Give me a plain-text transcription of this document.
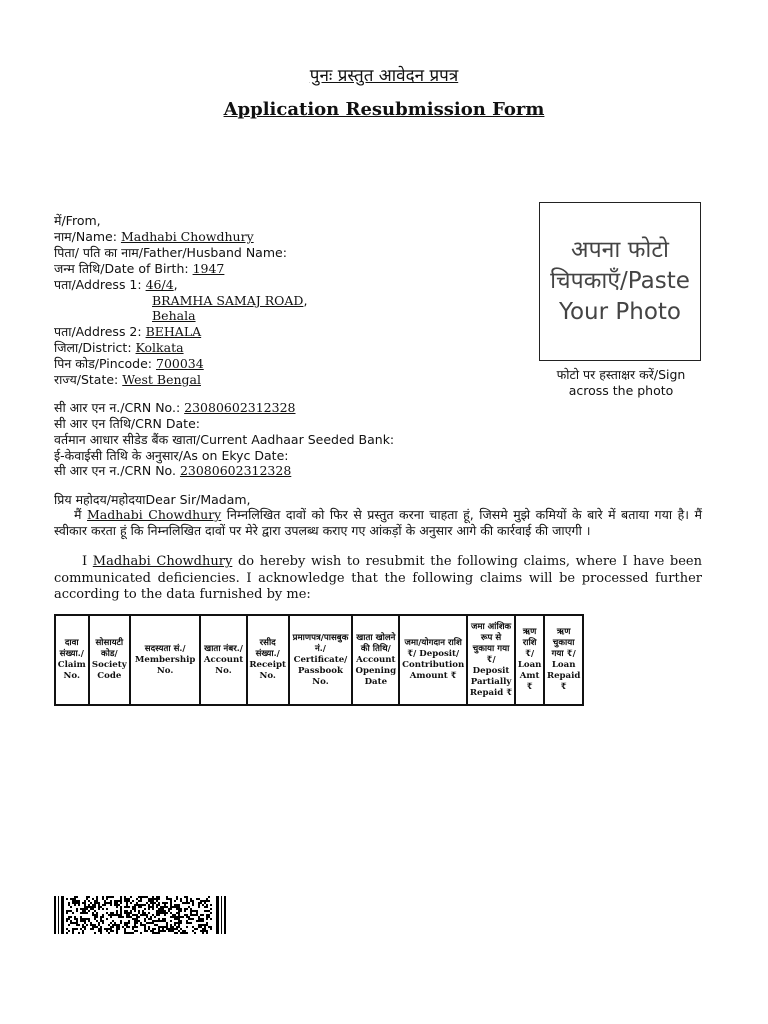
पुनः प्रस्तुत आवेदन प्रपत्र
Application Resubmission Form
अपना फोटो चिपकाएँ/Paste Your Photo
फोटो पर हस्ताक्षर करें/Sign across the photo
में/From,
नाम/Name: Madhabi Chowdhury
पिता/ पति का नाम/Father/Husband Name:
जन्म तिथि/Date of Birth: 1947
पता/Address 1: 46/4,
BRAMHA SAMAJ ROAD,
Behala
पता/Address 2: BEHALA
जिला/District: Kolkata
पिन कोड/Pincode: 700034
राज्य/State: West Bengal
सी आर एन न./CRN No.: 23080602312328
सी आर एन तिथि/CRN Date:
वर्तमान आधार सीडेड बैंक खाता/Current Aadhaar Seeded Bank:
ई-केवाईसी तिथि के अनुसार/As on Ekyc Date:
सी आर एन न./CRN No. 23080602312328
प्रिय महोदय/महोदयाDear Sir/Madam,
मैं Madhabi Chowdhury निम्नलिखित दावों को फिर से प्रस्तुत करना चाहता हूं, जिसमे मुझे कमियों के बारे में बताया गया है। मैं स्वीकार करता हूं कि निम्नलिखित दावों पर मेरे द्वारा उपलब्ध कराए गए आंकड़ों के अनुसार आगे की कार्रवाई की जाएगी ।
I Madhabi Chowdhury do hereby wish to resubmit the following claims, where I have been communicated deficiencies. I acknowledge that the following claims will be processed further according to the data furnished by me:
दावा संख्या./ Claim No.	सोसायटी कोड/ Society Code	सदस्यता सं./ Membership No.	खाता नंबर./ Account No.	रसीद संख्या./ Receipt No.	प्रमाणपत्र/पासबुक नं./ Certificate/ Passbook No.	खाता खोलने की तिथि/ Account Opening Date	जमा/योगदान राशि ₹/ Deposit/ Contribution Amount ₹	जमा आंशिक रूप से चुकाया गया ₹/ Deposit Partially Repaid ₹	ऋण राशि ₹/ Loan Amt ₹	ऋण चुकाया गया ₹/ Loan Repaid ₹
